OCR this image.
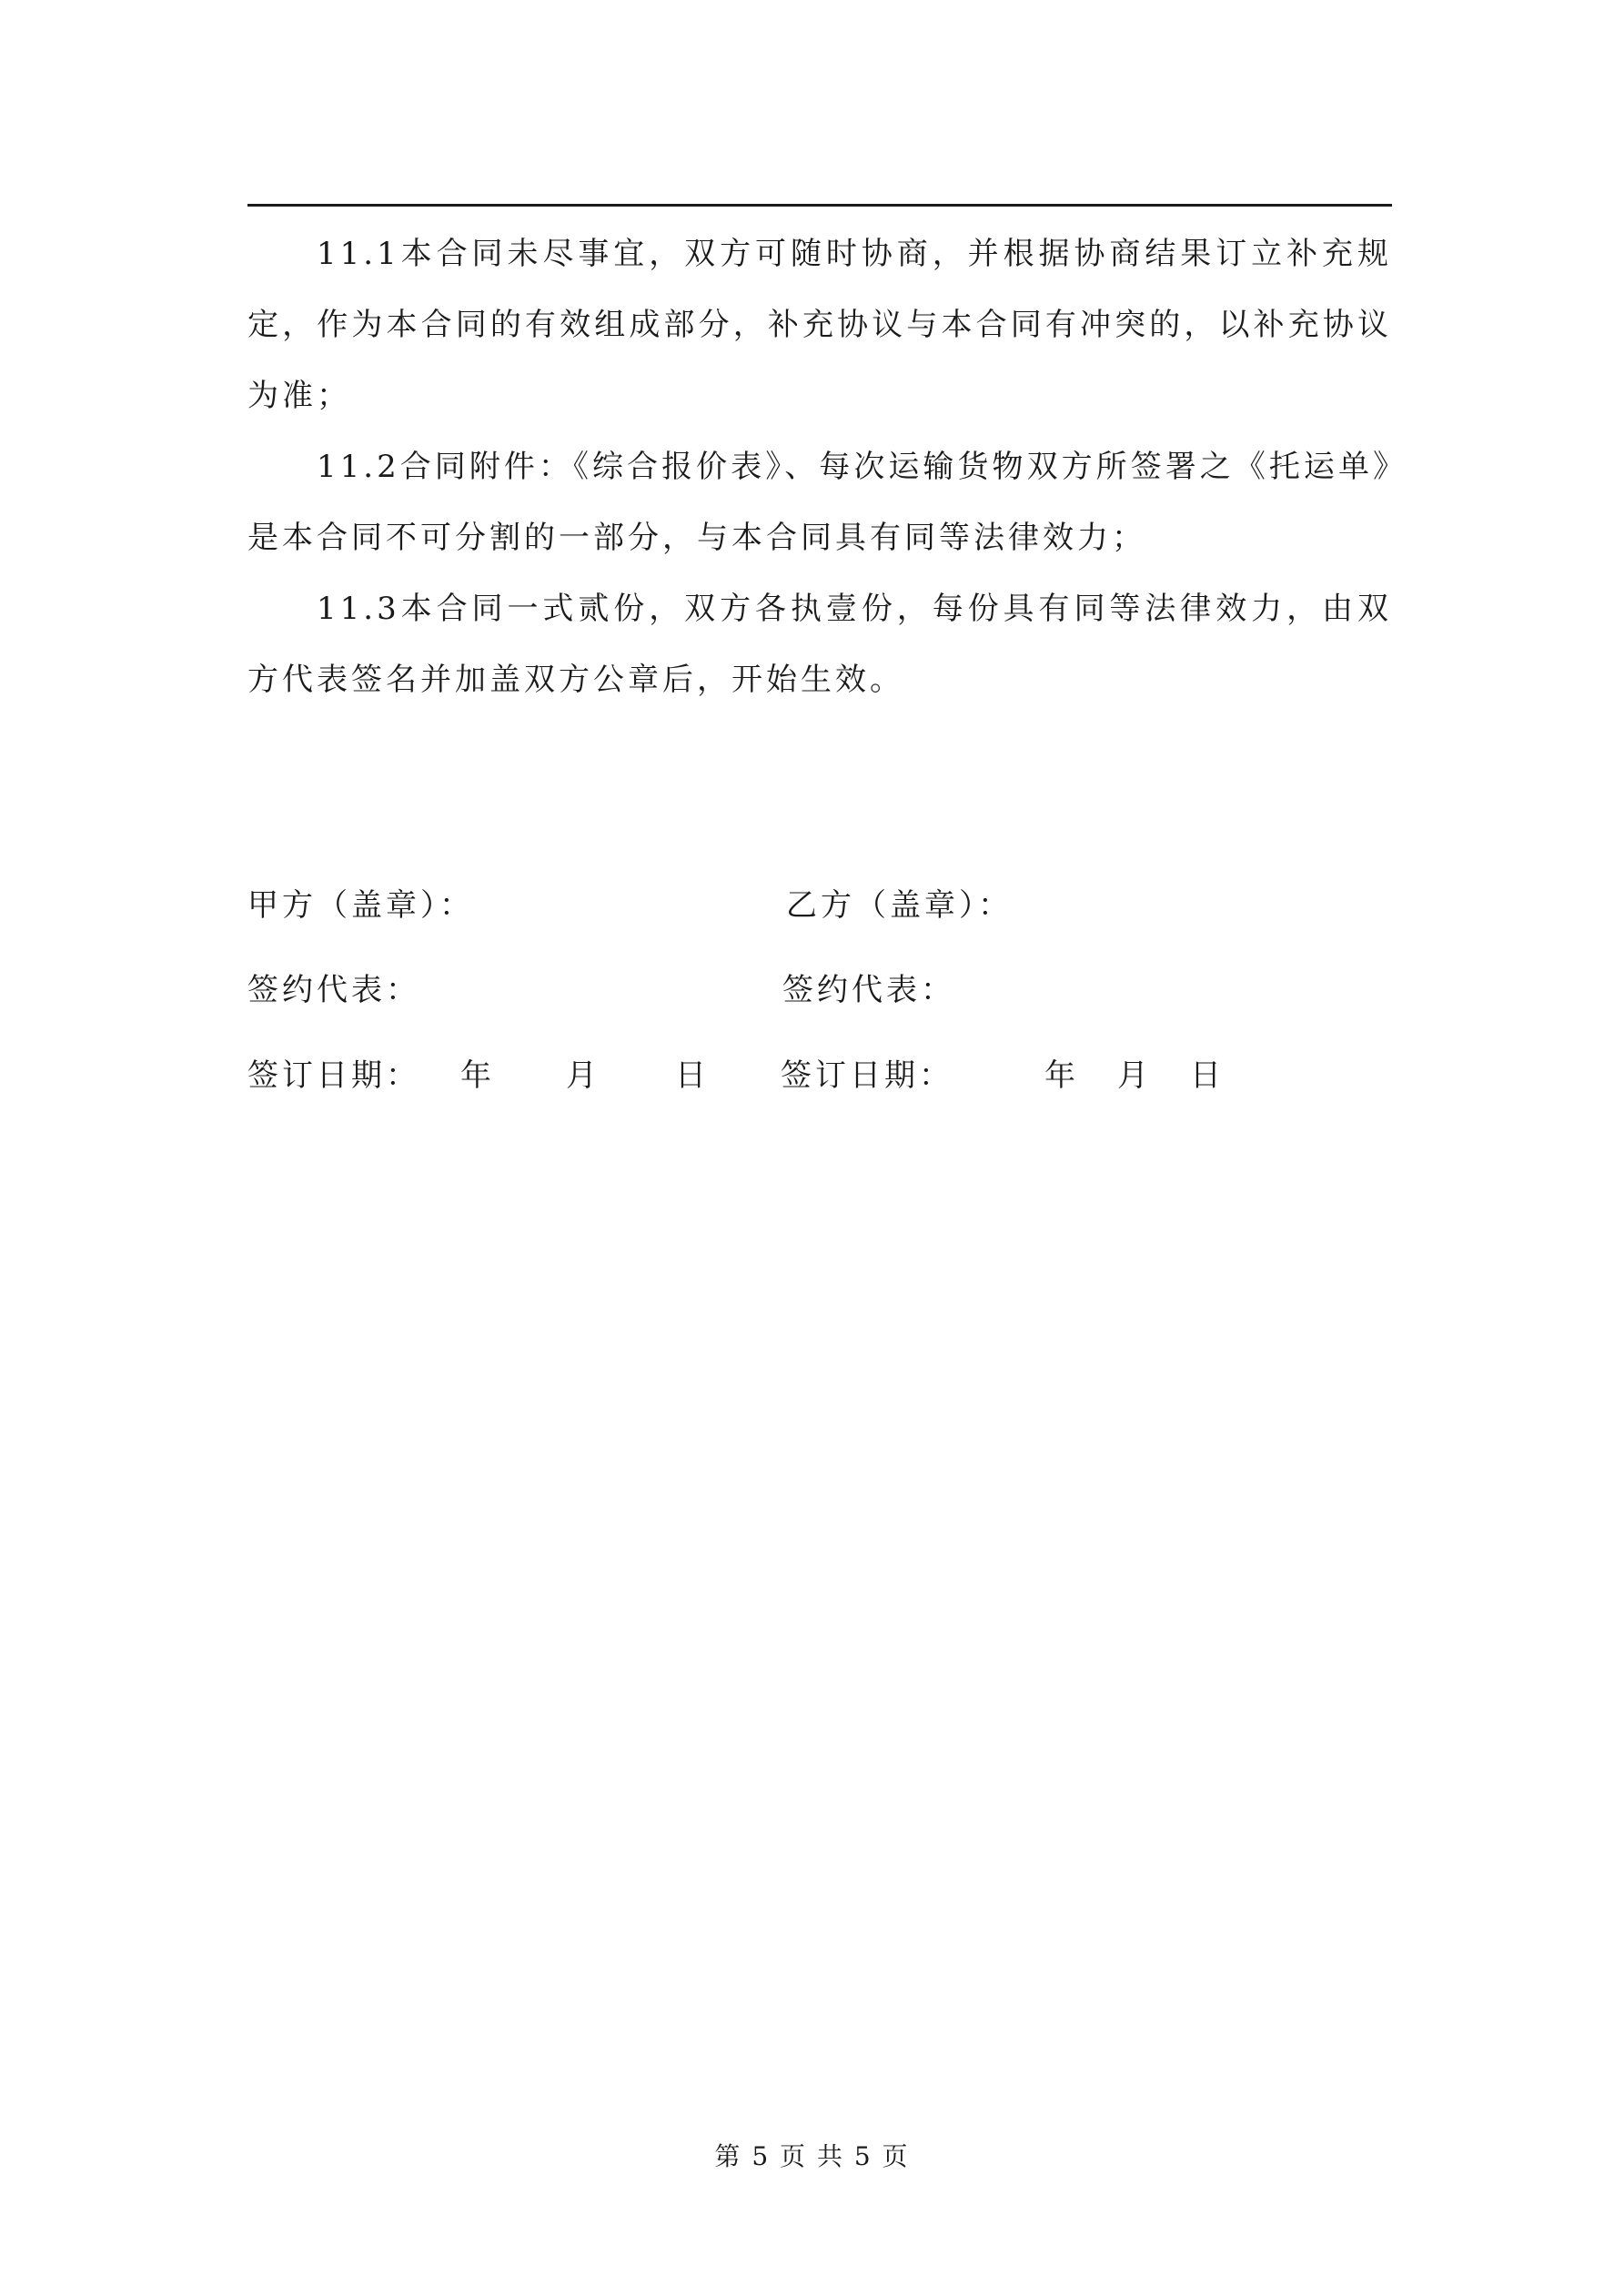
11.1本合同未尽事宜，双方可随时协商，并根据协商结果订立补充规定，作为本合同的有效组成部分，补充协议与本合同有冲突的，以补充协议为准；

11.2合同附件：《综合报价表》、每次运输货物双方所签署之《托运单》是本合同不可分割的一部分，与本合同具有同等法律效力；

11.3本合同一式贰份，双方各执壹份，每份具有同等法律效力，由双方代表签名并加盖双方公章后，开始生效。

甲方（盖章）：	乙方（盖章）：
签约代表：	签约代表：
签订日期： 年 月 日 签订日期：	年 月 日
第 5 页 共 5 页
